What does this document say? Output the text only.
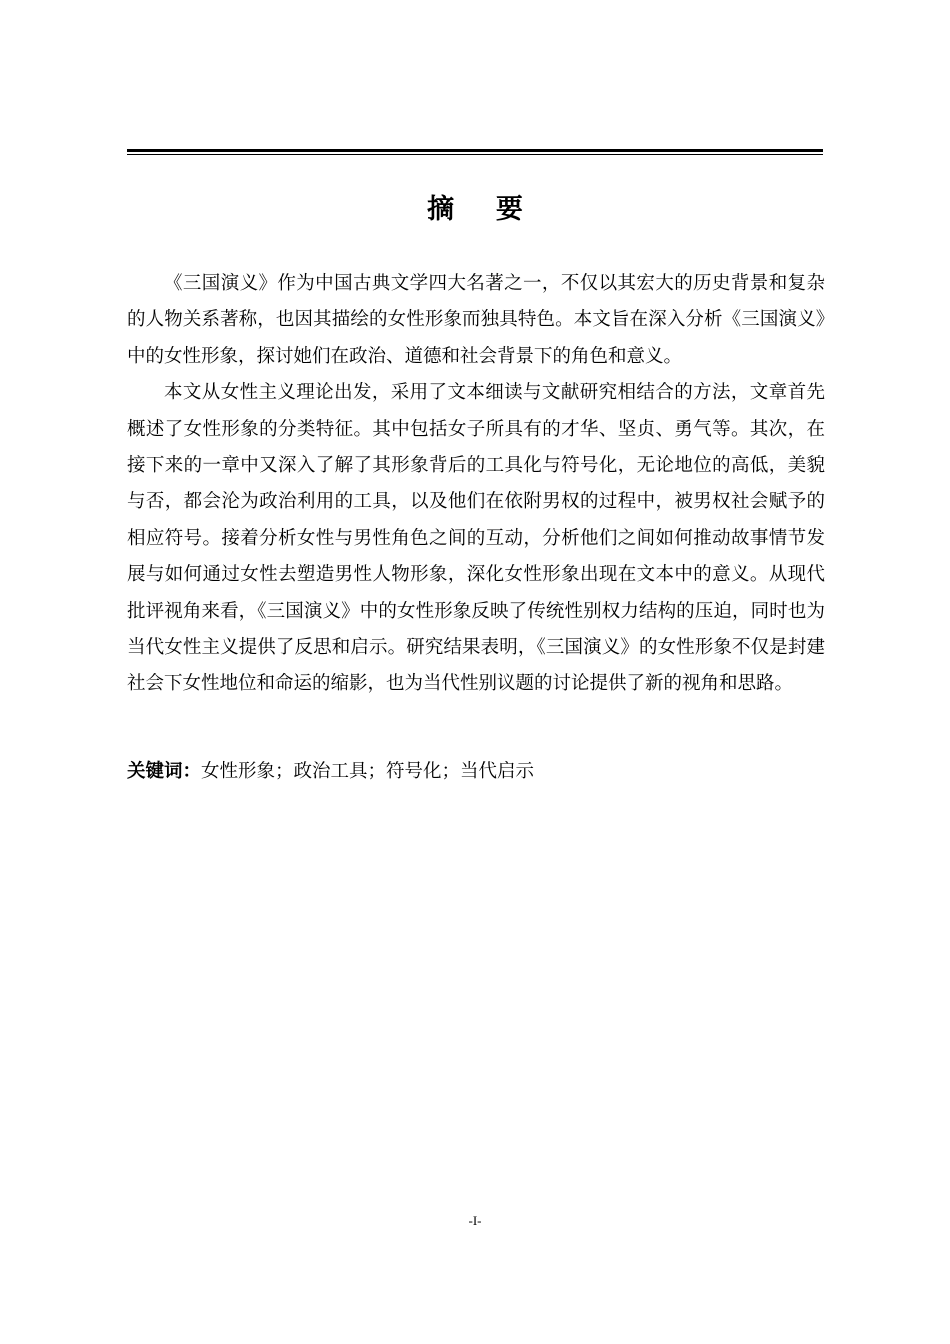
摘 要

《三国演义》作为中国古典文学四大名著之一，不仅以其宏大的历史背景和复杂的人物关系著称，也因其描绘的女性形象而独具特色。本文旨在深入分析《三国演义》中的女性形象，探讨她们在政治、道德和社会背景下的角色和意义。

本文从女性主义理论出发，采用了文本细读与文献研究相结合的方法，文章首先概述了女性形象的分类特征。其中包括女子所具有的才华、坚贞、勇气等。其次，在接下来的一章中又深入了解了其形象背后的工具化与符号化，无论地位的高低，美貌与否，都会沦为政治利用的工具，以及他们在依附男权的过程中，被男权社会赋予的相应符号。接着分析女性与男性角色之间的互动，分析他们之间如何推动故事情节发展与如何通过女性去塑造男性人物形象，深化女性形象出现在文本中的意义。从现代批评视角来看，《三国演义》中的女性形象反映了传统性别权力结构的压迫，同时也为当代女性主义提供了反思和启示。研究结果表明，《三国演义》的女性形象不仅是封建社会下女性地位和命运的缩影，也为当代性别议题的讨论提供了新的视角和思路。

关键词：女性形象；政治工具；符号化；当代启示
-I-
